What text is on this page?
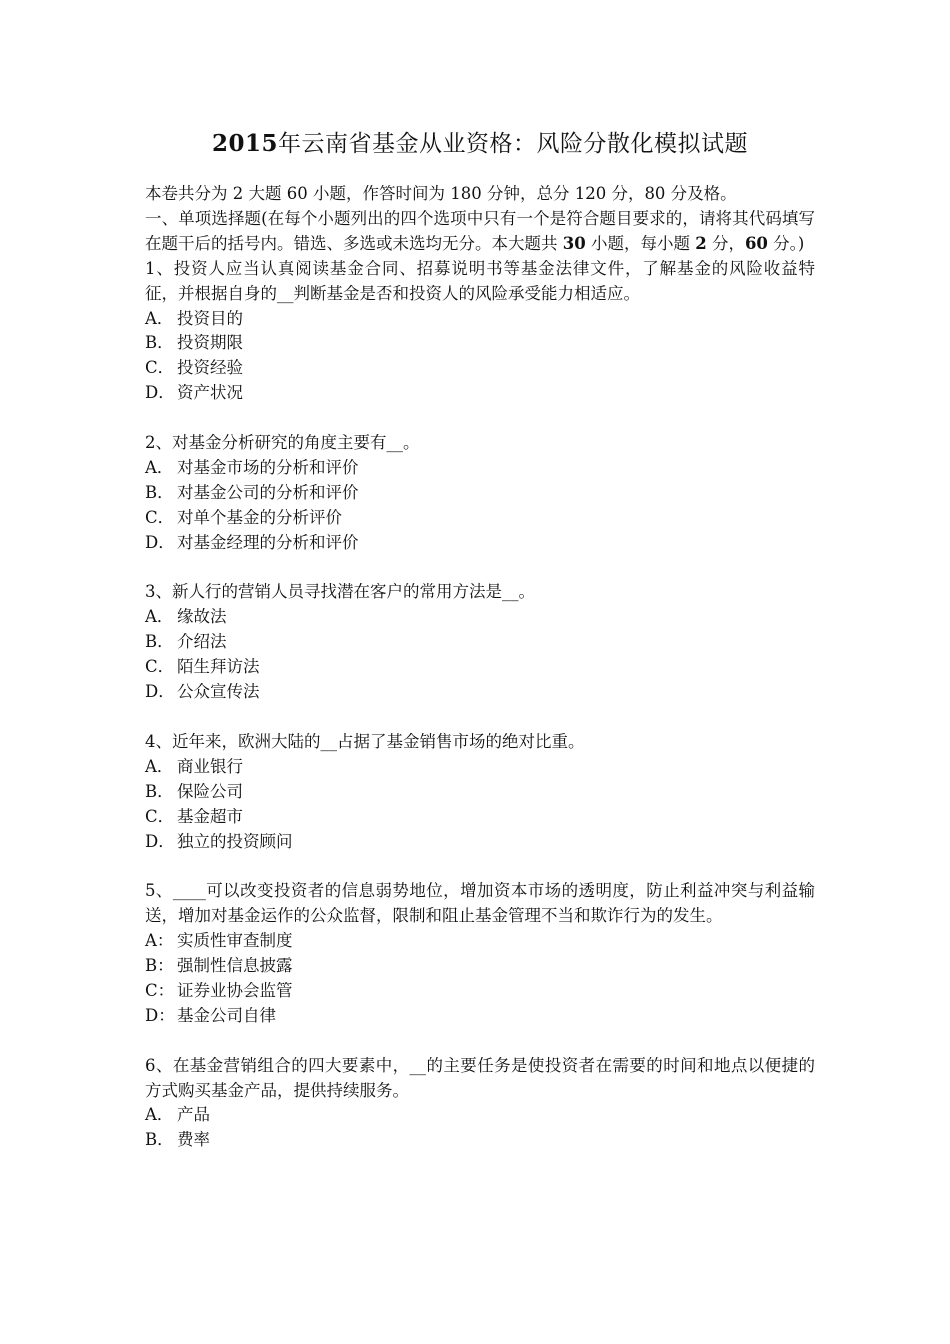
2015年云南省基金从业资格：风险分散化模拟试题

本卷共分为 2 大题 60 小题，作答时间为 180 分钟，总分 120 分，80 分及格。

一、单项选择题(在每个小题列出的四个选项中只有一个是符合题目要求的，请将其代码填写在题干后的括号内。错选、多选或未选均无分。本大题共 30 小题，每小题 2 分，60 分。)

1、投资人应当认真阅读基金合同、招募说明书等基金法律文件，了解基金的风险收益特征，并根据自身的__判断基金是否和投资人的风险承受能力相适应。

A． 投资目的

B． 投资期限

C． 投资经验

D． 资产状况

2、对基金分析研究的角度主要有__。

A． 对基金市场的分析和评价

B． 对基金公司的分析和评价

C． 对单个基金的分析评价

D． 对基金经理的分析和评价

3、新人行的营销人员寻找潜在客户的常用方法是__。

A． 缘故法

B． 介绍法

C． 陌生拜访法

D． 公众宣传法

4、近年来，欧洲大陆的__占据了基金销售市场的绝对比重。

A． 商业银行

B． 保险公司

C． 基金超市

D． 独立的投资顾问

5、____可以改变投资者的信息弱势地位，增加资本市场的透明度，防止利益冲突与利益输送，增加对基金运作的公众监督，限制和阻止基金管理不当和欺诈行为的发生。

A： 实质性审查制度

B： 强制性信息披露

C： 证券业协会监管

D： 基金公司自律

6、在基金营销组合的四大要素中，__的主要任务是使投资者在需要的时间和地点以便捷的方式购买基金产品，提供持续服务。

A． 产品

B． 费率
